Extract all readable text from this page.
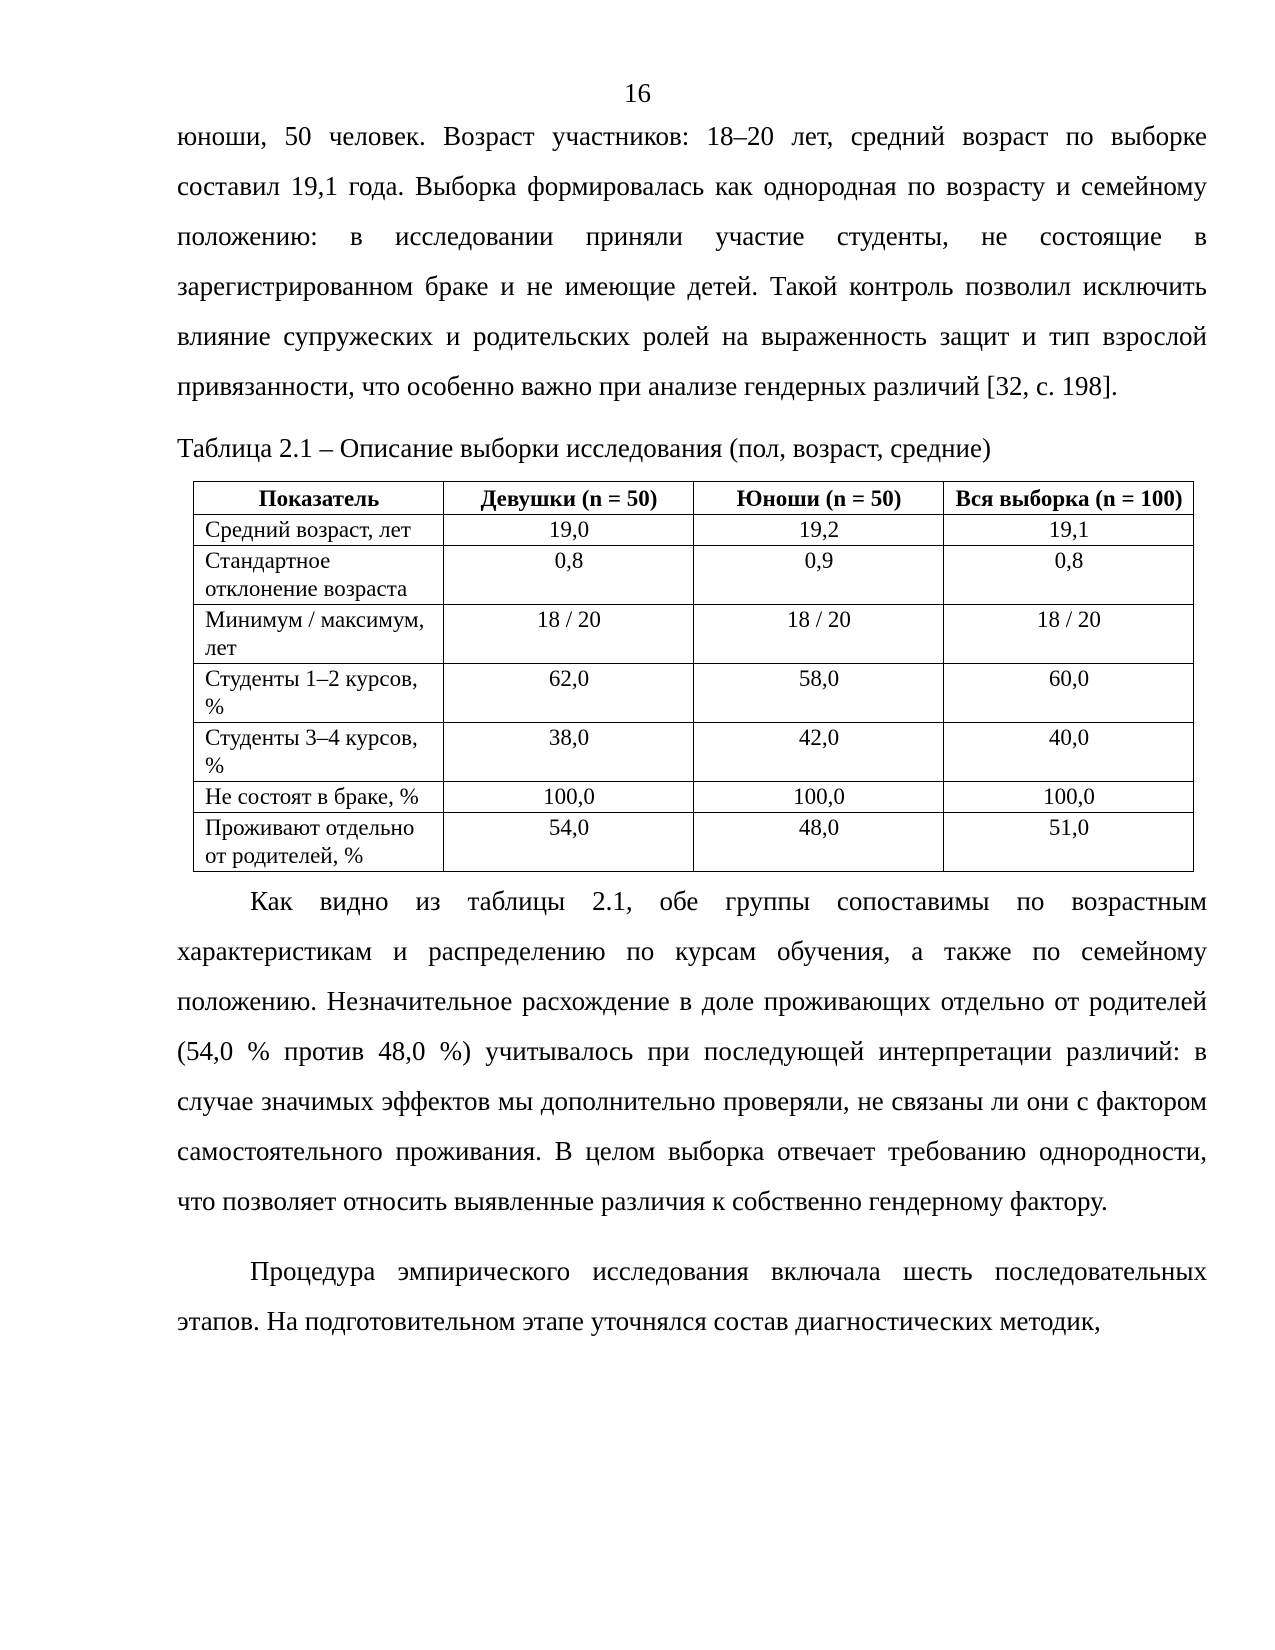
16

юноши, 50 человек. Возраст участников: 18–20 лет, средний возраст по выборке составил 19,1 года. Выборка формировалась как однородная по возрасту и семейному положению: в исследовании приняли участие студенты, не состоящие в зарегистрированном браке и не имеющие детей. Такой контроль позволил исключить влияние супружеских и родительских ролей на выраженность защит и тип взрослой привязанности, что особенно важно при анализе гендерных различий [32, с. 198].

Таблица 2.1 – Описание выборки исследования (пол, возраст, средние)
Показатель	Девушки (n = 50)	Юноши (n = 50)	Вся выборка (n = 100)
Средний возраст, лет	19,0	19,2	19,1
Стандартное отклонение возраста	0,8	0,9	0,8
Минимум / максимум, лет	18 / 20	18 / 20	18 / 20
Студенты 1–2 курсов, %	62,0	58,0	60,0
Студенты 3–4 курсов, %	38,0	42,0	40,0
Не состоят в браке, %	100,0	100,0	100,0
Проживают отдельно от родителей, %	54,0	48,0	51,0

Как видно из таблицы 2.1, обе группы сопоставимы по возрастным характеристикам и распределению по курсам обучения, а также по семейному положению. Незначительное расхождение в доле проживающих отдельно от родителей (54,0 % против 48,0 %) учитывалось при последующей интерпретации различий: в случае значимых эффектов мы дополнительно проверяли, не связаны ли они с фактором самостоятельного проживания. В целом выборка отвечает требованию однородности, что позволяет относить выявленные различия к собственно гендерному фактору.

Процедура эмпирического исследования включала шесть последовательных этапов. На подготовительном этапе уточнялся состав диагностических методик,
